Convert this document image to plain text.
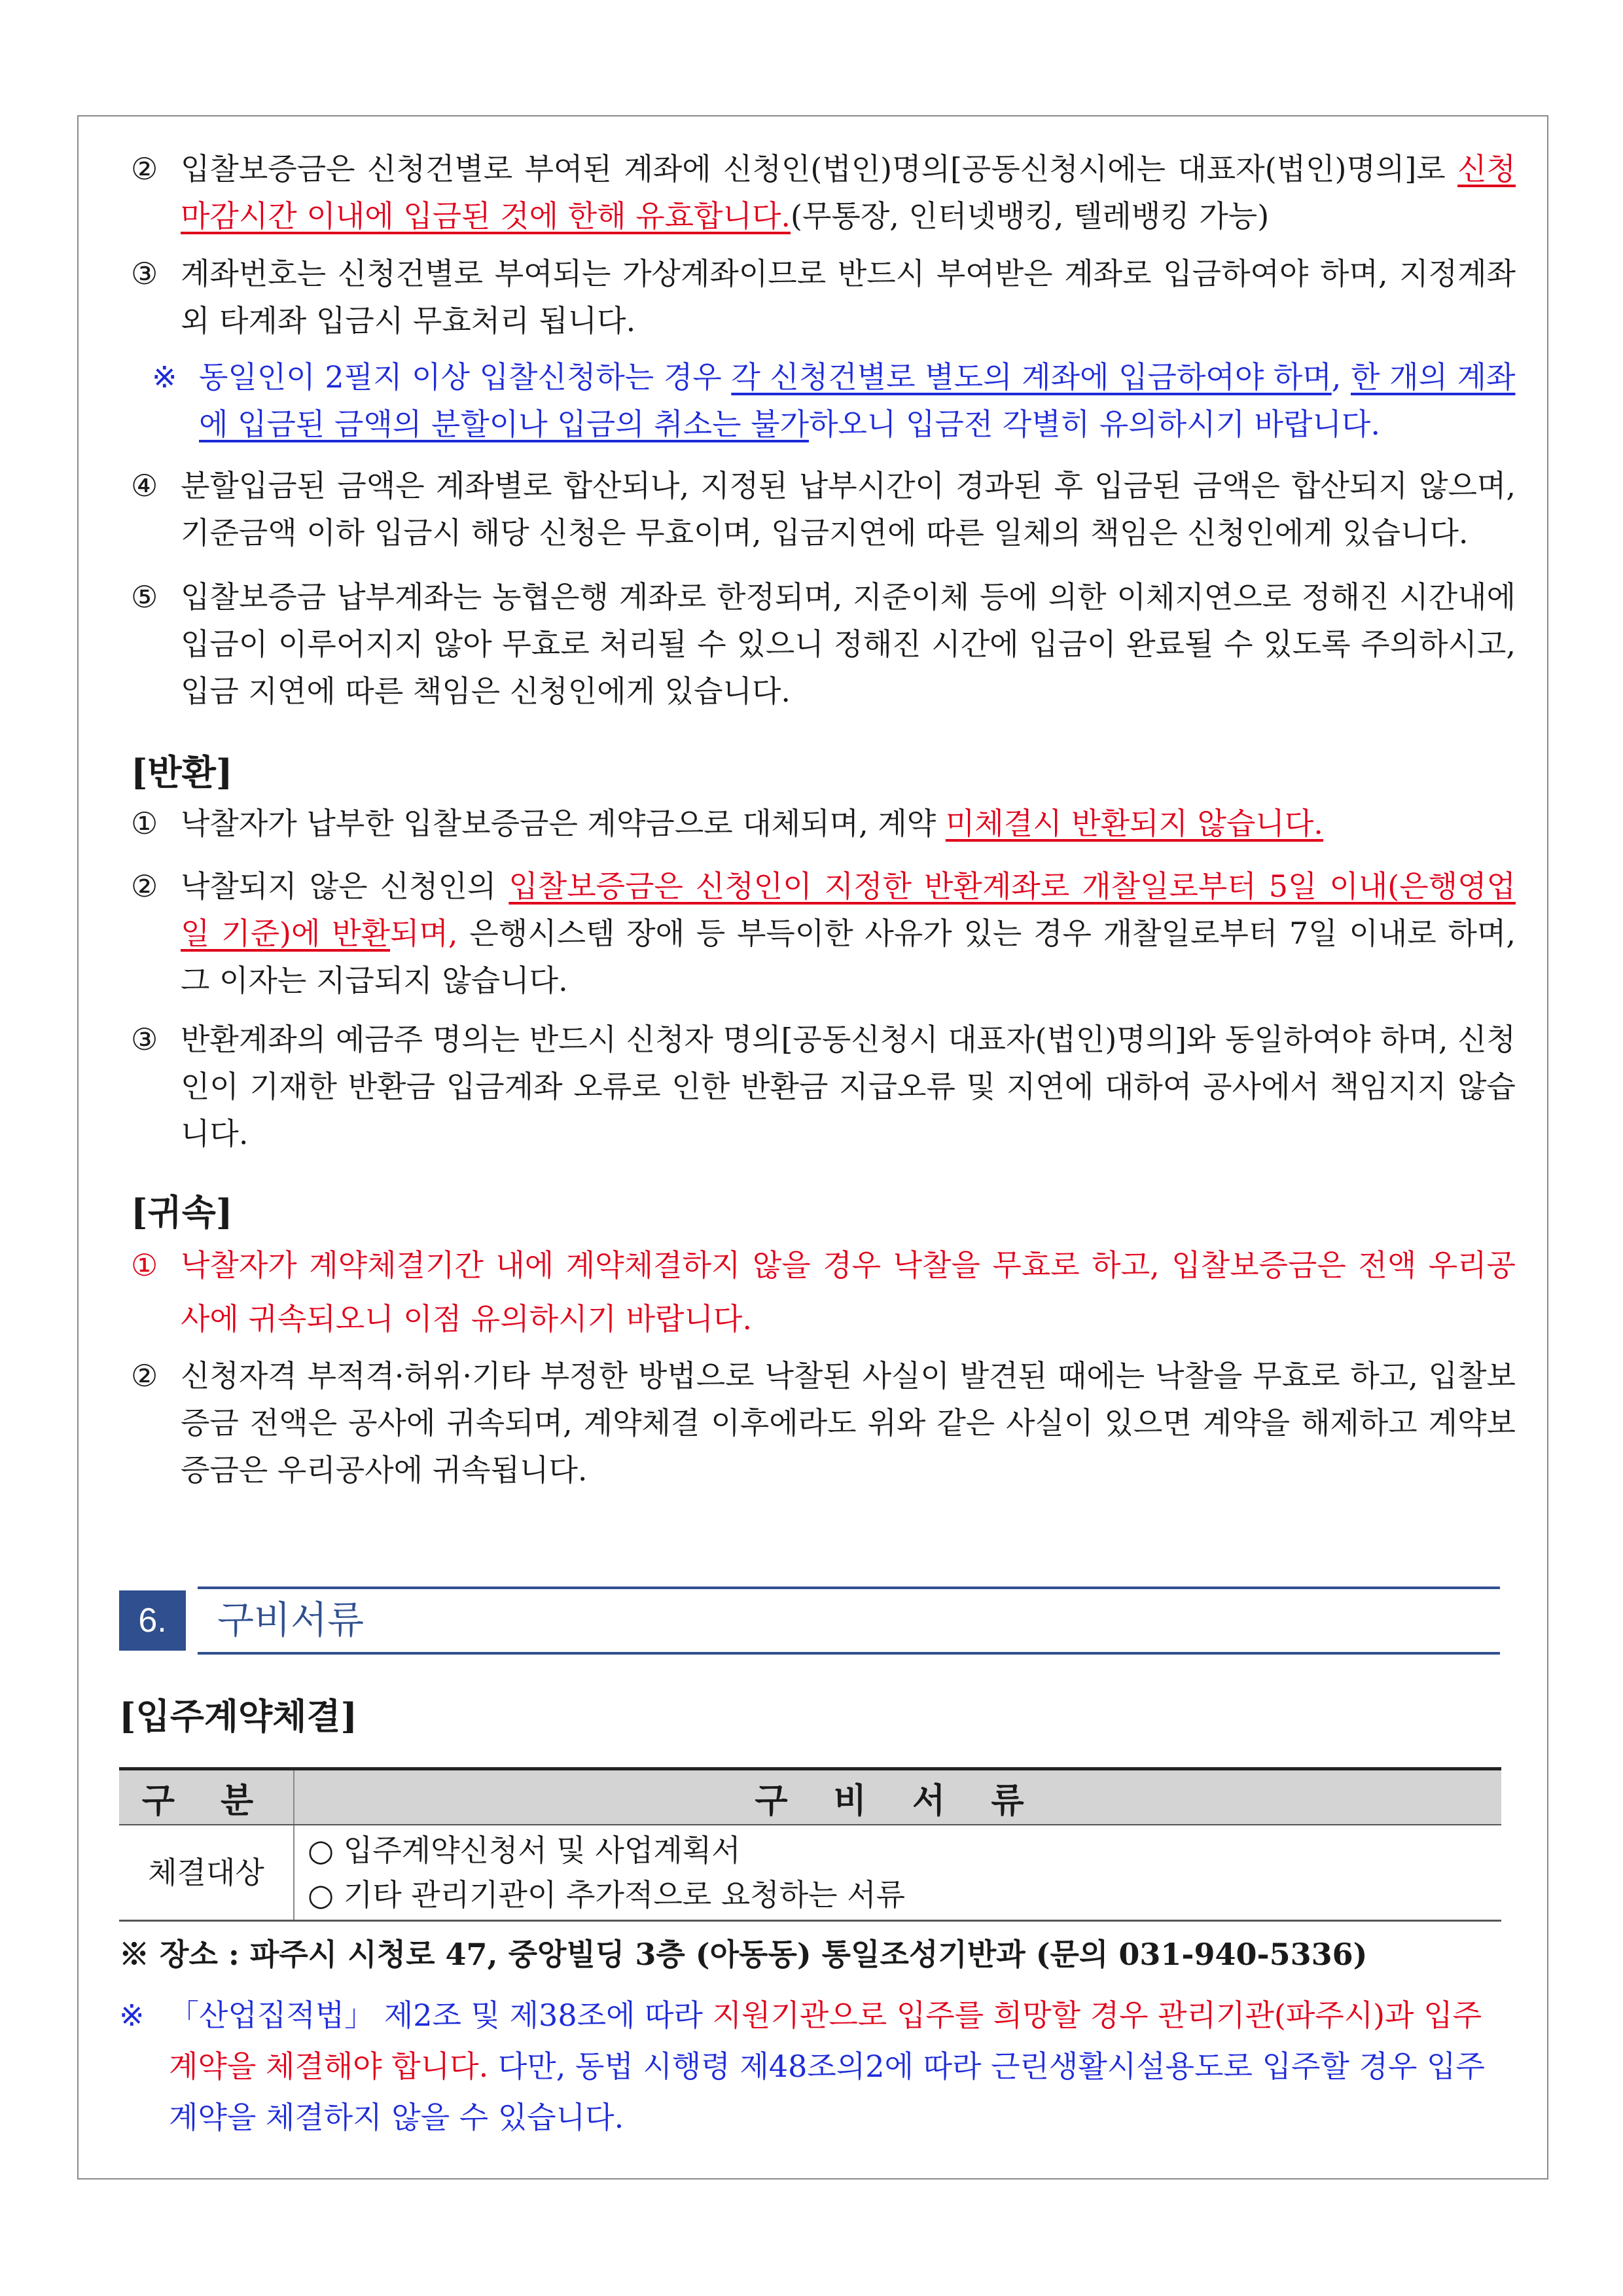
② 입찰보증금은 신청건별로 부여된 계좌에 신청인(법인)명의[공동신청시에는 대표자(법인)명의]로 신청마감시간 이내에 입금된 것에 한해 유효합니다.(무통장, 인터넷뱅킹, 텔레뱅킹 가능)
③ 계좌번호는 신청건별로 부여되는 가상계좌이므로 반드시 부여받은 계좌로 입금하여야 하며, 지정계좌 외 타계좌 입금시 무효처리 됩니다.
※ 동일인이 2필지 이상 입찰신청하는 경우 각 신청건별로 별도의 계좌에 입금하여야 하며, 한 개의 계좌에 입금된 금액의 분할이나 입금의 취소는 불가하오니 입금전 각별히 유의하시기 바랍니다.
④ 분할입금된 금액은 계좌별로 합산되나, 지정된 납부시간이 경과된 후 입금된 금액은 합산되지 않으며, 기준금액 이하 입금시 해당 신청은 무효이며, 입금지연에 따른 일체의 책임은 신청인에게 있습니다.
⑤ 입찰보증금 납부계좌는 농협은행 계좌로 한정되며, 지준이체 등에 의한 이체지연으로 정해진 시간내에 입금이 이루어지지 않아 무효로 처리될 수 있으니 정해진 시간에 입금이 완료될 수 있도록 주의하시고, 입금 지연에 따른 책임은 신청인에게 있습니다.
[반환]
① 낙찰자가 납부한 입찰보증금은 계약금으로 대체되며, 계약 미체결시 반환되지 않습니다.
② 낙찰되지 않은 신청인의 입찰보증금은 신청인이 지정한 반환계좌로 개찰일로부터 5일 이내(은행영업일 기준)에 반환되며, 은행시스템 장애 등 부득이한 사유가 있는 경우 개찰일로부터 7일 이내로 하며, 그 이자는 지급되지 않습니다.
③ 반환계좌의 예금주 명의는 반드시 신청자 명의[공동신청시 대표자(법인)명의]와 동일하여야 하며, 신청인이 기재한 반환금 입금계좌 오류로 인한 반환금 지급오류 및 지연에 대하여 공사에서 책임지지 않습니다.
[귀속]
① 낙찰자가 계약체결기간 내에 계약체결하지 않을 경우 낙찰을 무효로 하고, 입찰보증금은 전액 우리공사에 귀속되오니 이점 유의하시기 바랍니다.
② 신청자격 부적격·허위·기타 부정한 방법으로 낙찰된 사실이 발견된 때에는 낙찰을 무효로 하고, 입찰보증금 전액은 공사에 귀속되며, 계약체결 이후에라도 위와 같은 사실이 있으면 계약을 해제하고 계약보증금은 우리공사에 귀속됩니다.
6.	구비서류
[입주계약체결]
구 분	구 비 서 류
체결대상	○ 입주계약신청서 및 사업계획서
○ 기타 관리기관이 추가적으로 요청하는 서류
※ 장소 : 파주시 시청로 47, 중앙빌딩 3층 (아동동) 통일조성기반과 (문의 031-940-5336)
※ 「산업집적법」 제2조 및 제38조에 따라 지원기관으로 입주를 희망할 경우 관리기관(파주시)과 입주계약을 체결해야 합니다. 다만, 동법 시행령 제48조의2에 따라 근린생활시설용도로 입주할 경우 입주계약을 체결하지 않을 수 있습니다.
